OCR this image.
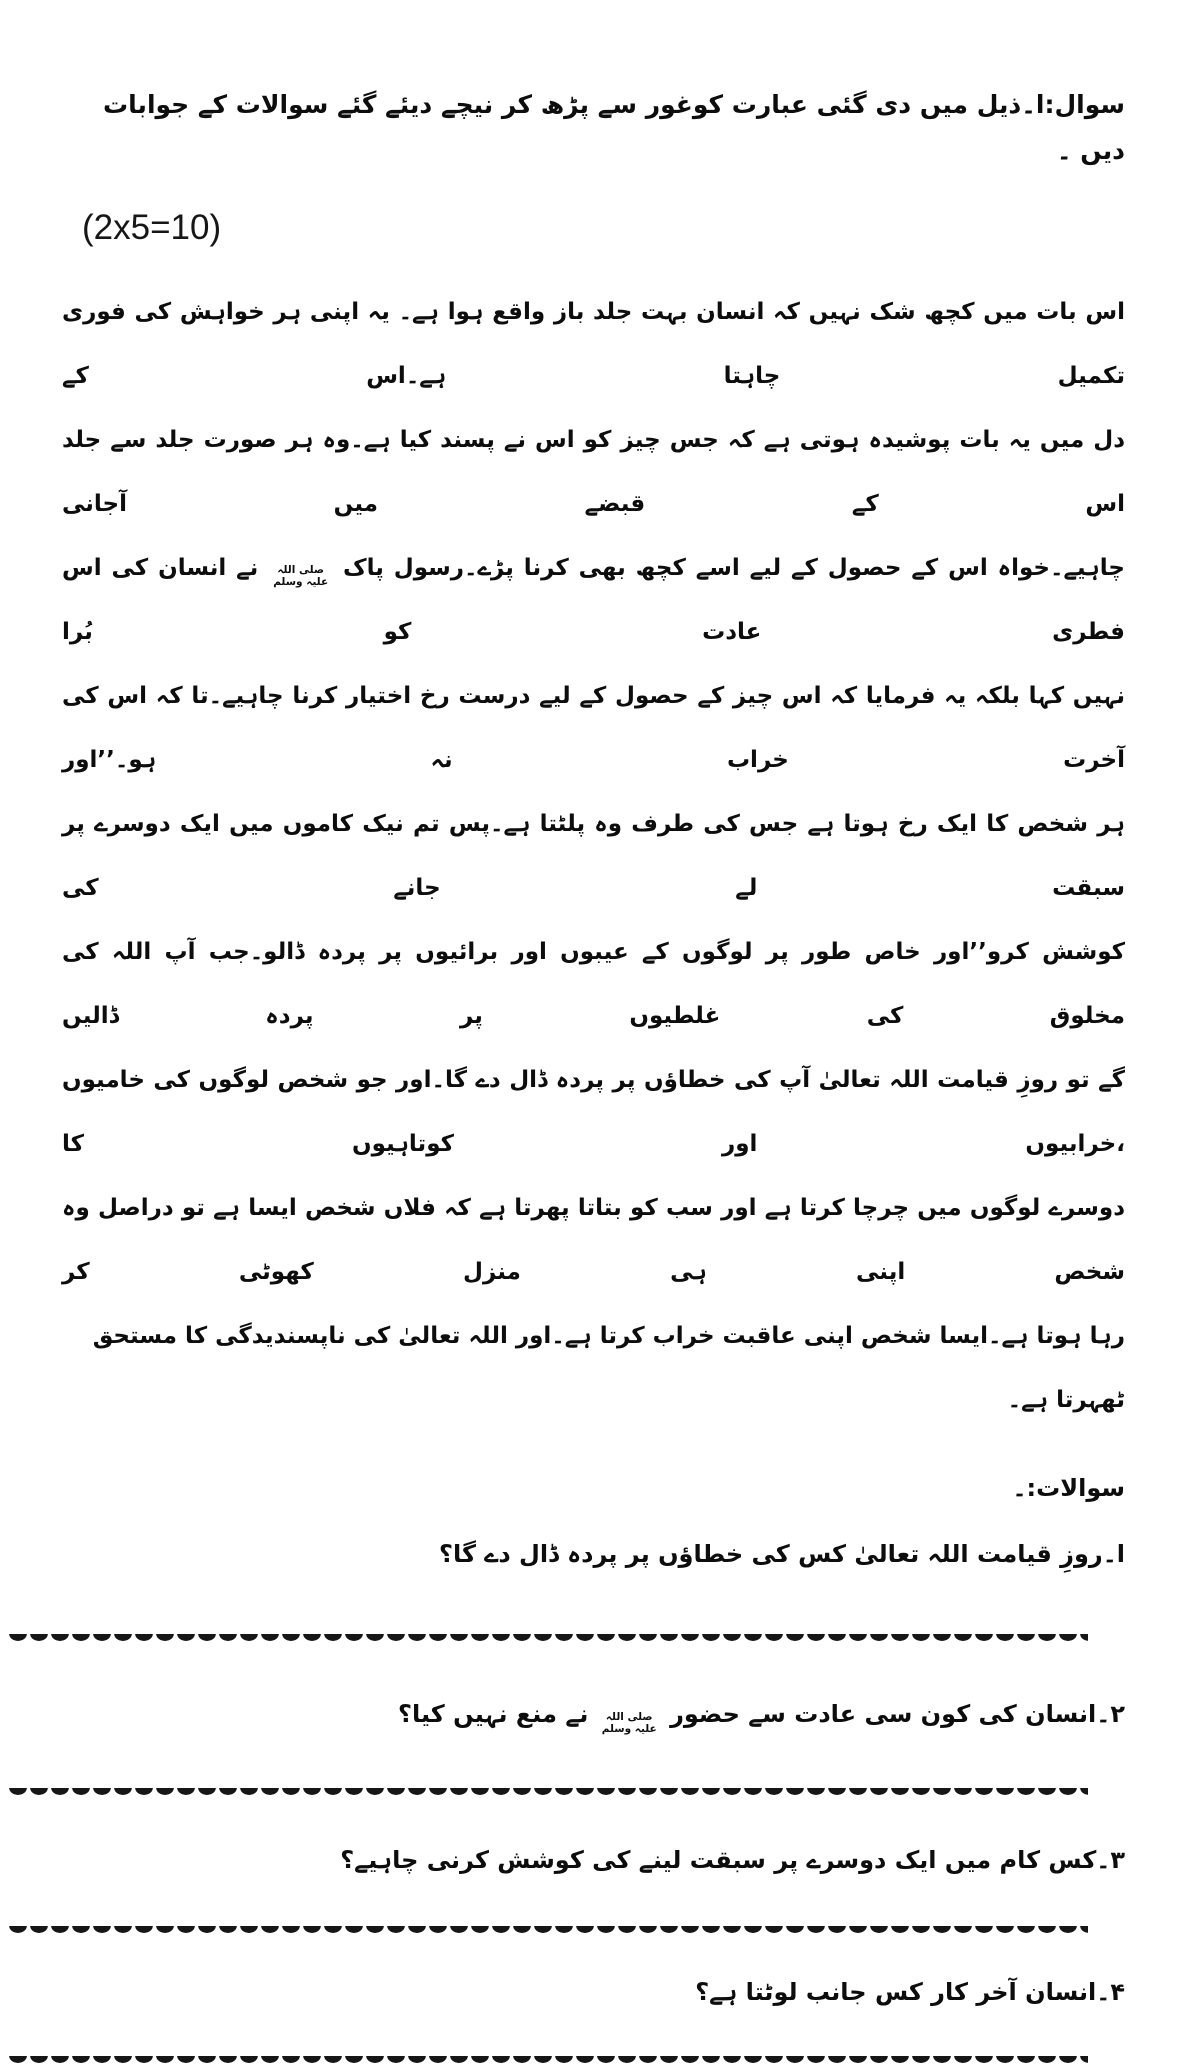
سوال:ا۔ذیل میں دی گئی عبارت کوغور سے پڑھ کر نیچے دیئے گئے سوالات کے جوابات دیں ۔
(2x5=10)
اس بات میں کچھ شک نہیں کہ انسان بہت جلد باز واقع ہوا ہے۔ یہ اپنی ہر خواہش کی فوری تکمیل چاہتا ہے۔اس کے
دل میں یہ بات پوشیدہ ہوتی ہے کہ جس چیز کو اس نے پسند کیا ہے۔وہ ہر صورت جلد سے جلد اس کے قبضے میں آجانی
چاہیے۔خواہ اس کے حصول کے لیے اسے کچھ بھی کرنا پڑے۔رسول پاک
صلی اللہ
علیہ وسلم
نے انسان کی اس فطری عادت کو بُرا
نہیں کہا بلکہ یہ فرمایا کہ اس چیز کے حصول کے لیے درست رخ اختیار کرنا چاہیے۔تا کہ اس کی آخرت خراب نہ ہو۔’’اور
ہر شخص کا ایک رخ ہوتا ہے جس کی طرف وہ پلٹتا ہے۔پس تم نیک کاموں میں ایک دوسرے پر سبقت لے جانے کی
کوشش کرو’’اور خاص طور پر لوگوں کے عیبوں اور برائیوں پر پردہ ڈالو۔جب آپ اللہ کی مخلوق کی غلطیوں پر پردہ ڈالیں
گے تو روزِ قیامت اللہ تعالیٰ آپ کی خطاؤں پر پردہ ڈال دے گا۔اور جو شخص لوگوں کی خامیوں ،خرابیوں اور کوتاہیوں کا
دوسرے لوگوں میں چرچا کرتا ہے اور سب کو بتاتا پھرتا ہے کہ فلاں شخص ایسا ہے تو دراصل وہ شخص اپنی ہی منزل کھوٹی کر
رہا ہوتا ہے۔ایسا شخص اپنی عاقبت خراب کرتا ہے۔اور اللہ تعالیٰ کی ناپسندیدگی کا مستحق ٹھہرتا ہے۔
سوالات:۔
ا۔روزِ قیامت اللہ تعالیٰ کس کی خطاؤں پر پردہ ڈال دے گا؟
۲۔انسان کی کون سی عادت سے حضور
صلی اللہ
علیہ وسلم
نے منع نہیں کیا؟
۳۔کس کام میں ایک دوسرے پر سبقت لینے کی کوشش کرنی چاہیے؟
۴۔انسان آخر کار کس جانب لوٹتا ہے؟
